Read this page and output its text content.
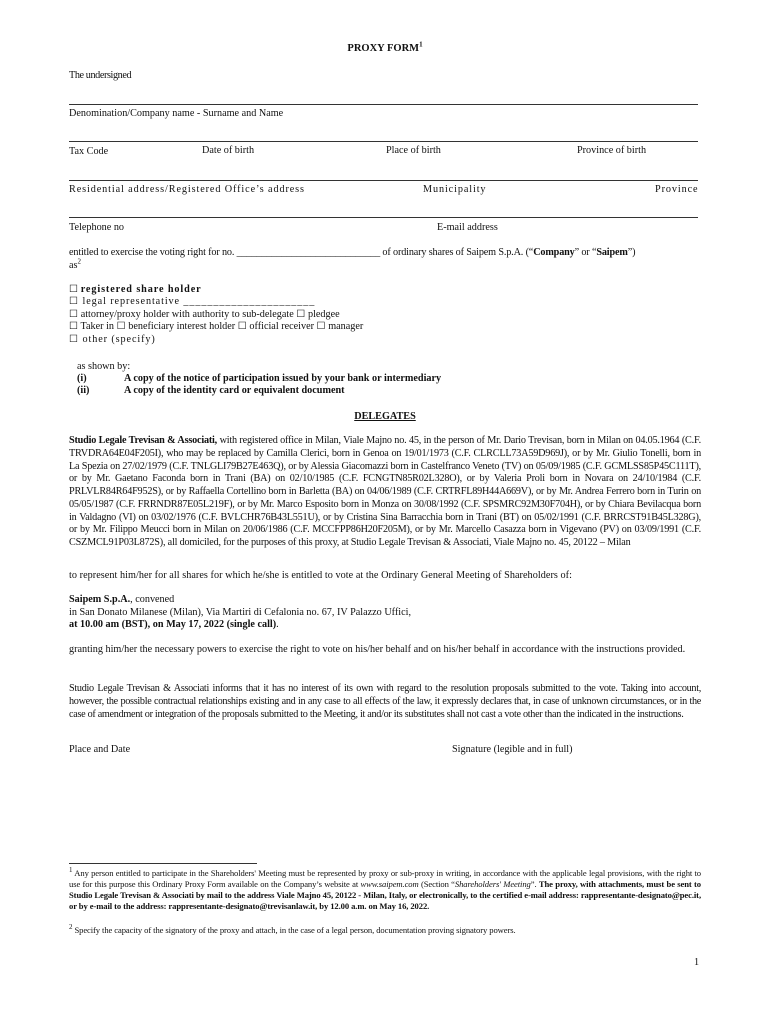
PROXY FORM$^1$
The undersigned
Denomination/Company name - Surname and Name
Tax Code	Date of birth	Place of birth	Province of birth
Residential address/Registered Office’s address	Municipality	Province
Telephone no	E-mail address
entitled to exercise the voting right for no. _____________________________ of ordinary shares of Saipem S.p.A. (“Company” or “Saipem”)
$as^2$
☐ registered share holder
☐ legal representative ______________________
☐ attorney/proxy holder with authority to sub-delegate ☐ pledgee
☐ Taker in ☐ beneficiary interest holder ☐ official receiver ☐ manager
☐ other (specify)
as shown by:
(i)	A copy of the notice of participation issued by your bank or intermediary
(ii)	A copy of the identity card or equivalent document
DELEGATES
Studio Legale Trevisan & Associati, with registered office in Milan, Viale Majno no. 45, in the person of Mr. Dario Trevisan, born in Milan on 04.05.1964 (C.F. TRVDRA64E04F205I), who may be replaced by Camilla Clerici, born in Genoa on 19/01/1973 (C.F. CLRCLL73A59D969J), or by Mr. Giulio Tonelli, born in La Spezia on 27/02/1979 (C.F. TNLGLI79B27E463Q), or by Alessia Giacomazzi born in Castelfranco Veneto (TV) on 05/09/1985 (C.F. GCMLSS85P45C111T), or by Mr. Gaetano Faconda born in Trani (BA) on 02/10/1985 (C.F. FCNGTN85R02L328O), or by Valeria Proli born in Novara on 24/10/1984 (C.F. PRLVLR84R64F952S), or by Raffaella Cortellino born in Barletta (BA) on 04/06/1989 (C.F. CRTRFL89H44A669V), or by Mr. Andrea Ferrero born in Turin on 05/05/1987 (C.F. FRRNDR87E05L219F), or by Mr. Marco Esposito born in Monza on 30/08/1992 (C.F. SPSMRC92M30F704H), or by Chiara Bevilacqua born in Valdagno (VI) on 03/02/1976 (C.F. BVLCHR76B43L551U), or by Cristina Sina Barracchia born in Trani (BT) on 05/02/1991 (C.F. BRRCST91B45L328G), or by Mr. Filippo Meucci born in Milan on 20/06/1986 (C.F. MCCFPP86H20F205M), or by Mr. Marcello Casazza born in Vigevano (PV) on 03/09/1991 (C.F. CSZMCL91P03L872S), all domiciled, for the purposes of this proxy, at Studio Legale Trevisan & Associati, Viale Majno no. 45, 20122 – Milan
to represent him/her for all shares for which he/she is entitled to vote at the Ordinary General Meeting of Shareholders of:
Saipem S.p.A., convened
in San Donato Milanese (Milan), Via Martiri di Cefalonia no. 67, IV Palazzo Uffici,
at 10.00 am (BST), on May 17, 2022 (single call).
granting him/her the necessary powers to exercise the right to vote on his/her behalf and on his/her behalf in accordance with the instructions provided.
Studio Legale Trevisan & Associati informs that it has no interest of its own with regard to the resolution proposals submitted to the vote. Taking into account, however, the possible contractual relationships existing and in any case to all effects of the law, it expressly declares that, in case of unknown circumstances, or in the case of amendment or integration of the proposals submitted to the Meeting, it and/or its substitutes shall not cast a vote other than the indicated in the instructions.
Place and Date	Signature (legible and in full)
$^1$ Any person entitled to participate in the Shareholders' Meeting must be represented by proxy or sub-proxy in writing, in accordance with the applicable legal provisions, with the right to use for this purpose this Ordinary Proxy Form available on the Company’s website at www.saipem.com (Section “Shareholders' Meeting”. The proxy, with attachments, must be sent to Studio Legale Trevisan & Associati by mail to the address Viale Majno 45, 20122 - Milan, Italy, or electronically, to the certified e-mail address: rappresentante-designato@pec.it, or by e-mail to the address: rappresentante-designato@trevisanlaw.it, by 12.00 a.m. on May 16, 2022.
$^2$ Specify the capacity of the signatory of the proxy and attach, in the case of a legal person, documentation proving signatory powers.
1
